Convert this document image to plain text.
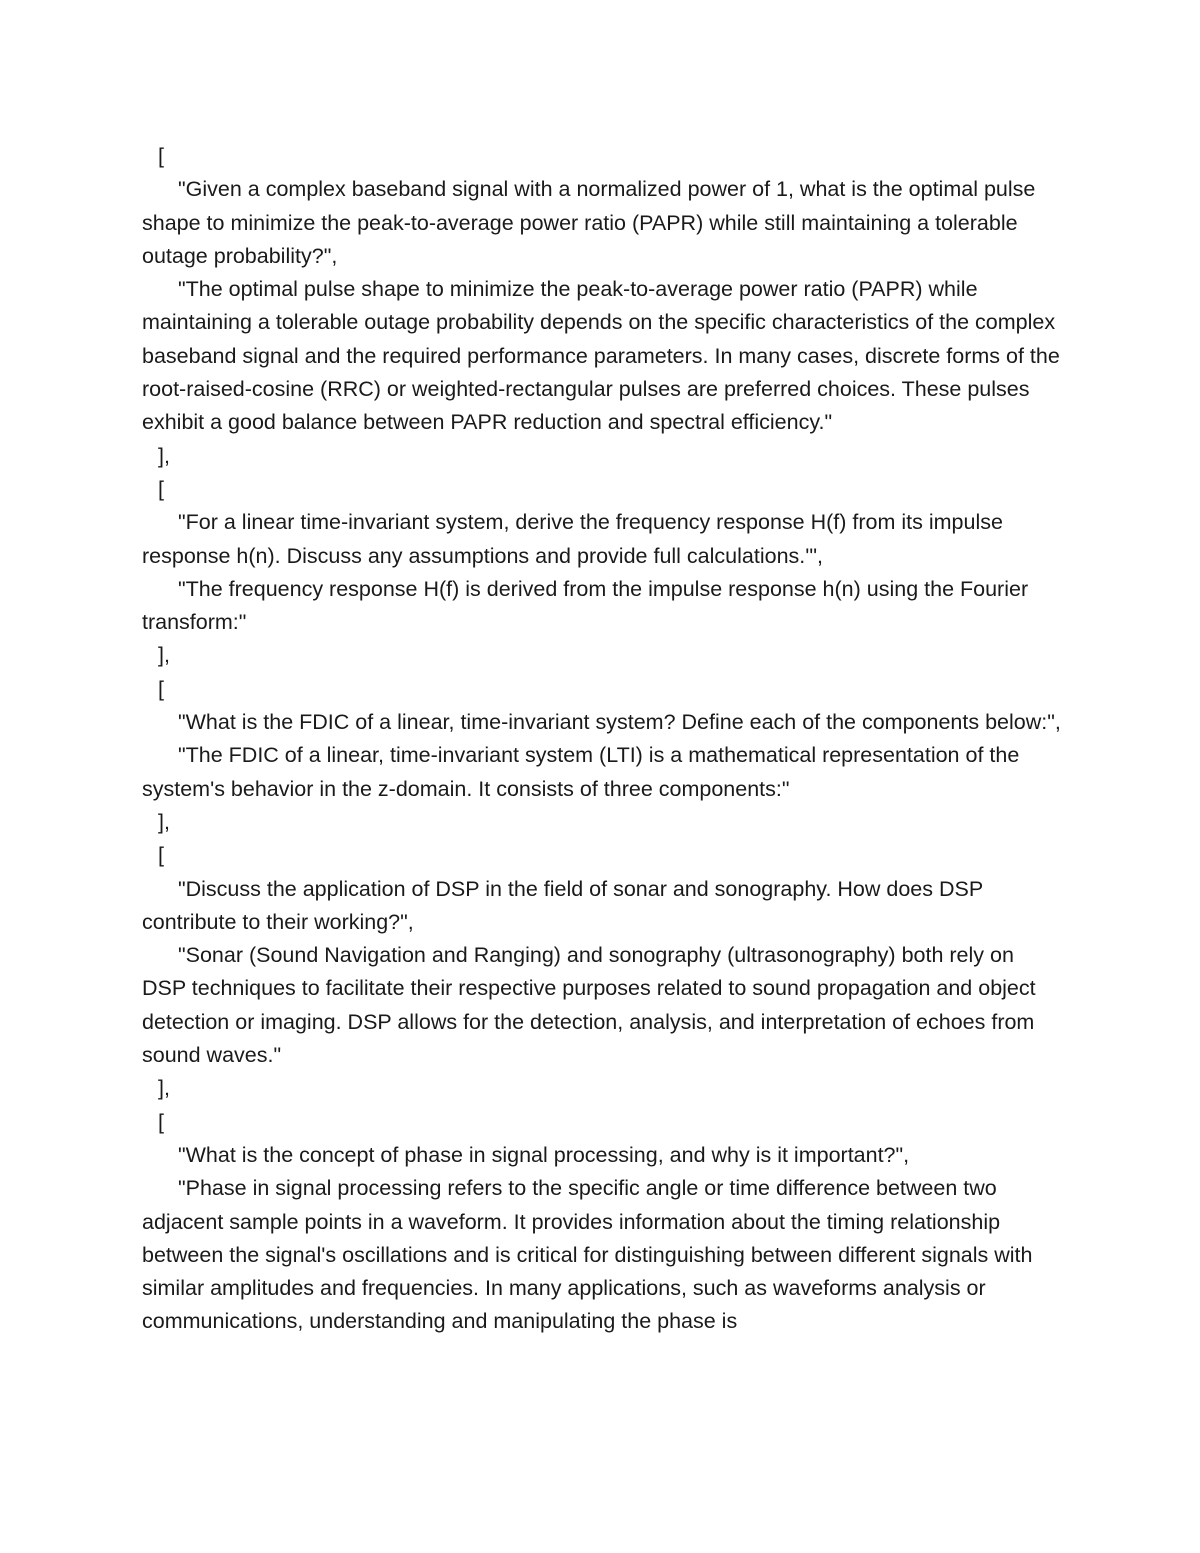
[

"Given a complex baseband signal with a normalized power of 1, what is the optimal pulse shape to minimize the peak-to-average power ratio (PAPR) while still maintaining a tolerable outage probability?",

"The optimal pulse shape to minimize the peak-to-average power ratio (PAPR) while maintaining a tolerable outage probability depends on the specific characteristics of the complex baseband signal and the required performance parameters. In many cases, discrete forms of the root-raised-cosine (RRC) or weighted-rectangular pulses are preferred choices. These pulses exhibit a good balance between PAPR reduction and spectral efficiency."

],

[

"For a linear time-invariant system, derive the frequency response H(f) from its impulse response h(n). Discuss any assumptions and provide full calculations.'",

"The frequency response H(f) is derived from the impulse response h(n) using the Fourier transform:"

],

[

"What is the FDIC of a linear, time-invariant system? Define each of the components below:",

"The FDIC of a linear, time-invariant system (LTI) is a mathematical representation of the system's behavior in the z-domain. It consists of three components:"

],

[

"Discuss the application of DSP in the field of sonar and sonography. How does DSP contribute to their working?",

"Sonar (Sound Navigation and Ranging) and sonography (ultrasonography) both rely on DSP techniques to facilitate their respective purposes related to sound propagation and object detection or imaging. DSP allows for the detection, analysis, and interpretation of echoes from sound waves."

],

[

"What is the concept of phase in signal processing, and why is it important?",

"Phase in signal processing refers to the specific angle or time difference between two adjacent sample points in a waveform. It provides information about the timing relationship between the signal's oscillations and is critical for distinguishing between different signals with similar amplitudes and frequencies. In many applications, such as waveforms analysis or communications, understanding and manipulating the phase is
